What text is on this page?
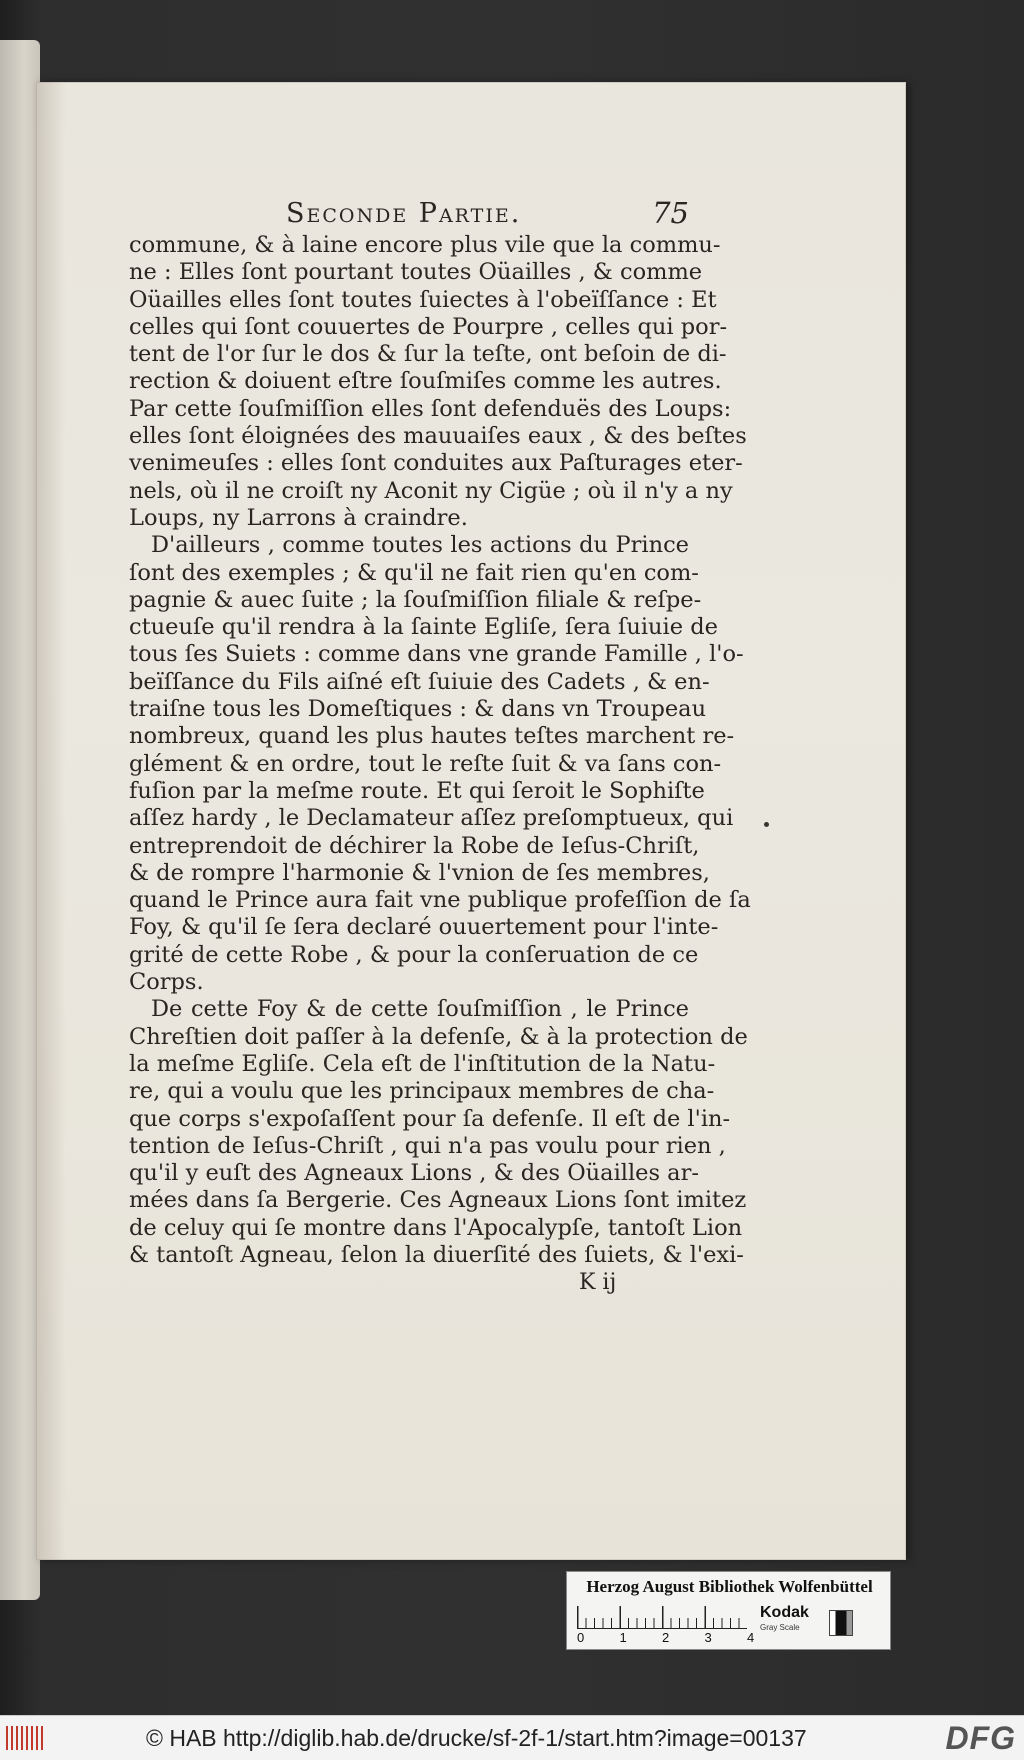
Seconde Partie.	75
commune, & à laine encore plus vile que la commu-
ne : Elles ſont pourtant toutes Oüailles , & comme
Oüailles elles ſont toutes ſuiectes à l'obeïſſance : Et
celles qui ſont couuertes de Pourpre , celles qui por-
tent de l'or ſur le dos & ſur la teſte, ont beſoin de di-
rection & doiuent eſtre ſouſmiſes comme les autres.
Par cette ſouſmiſſion elles ſont defenduës des Loups:
elles ſont éloignées des mauuaiſes eaux , & des beſtes
venimeuſes : elles ſont conduites aux Paſturages eter-
nels, où il ne croiſt ny Aconit ny Cigüe ; où il n'y a ny
Loups, ny Larrons à craindre.
D'ailleurs , comme toutes les actions du Prince
ſont des exemples ; & qu'il ne fait rien qu'en com-
pagnie & auec ſuite ; la ſouſmiſſion filiale & reſpe-
ctueuſe qu'il rendra à la ſainte Egliſe, ſera ſuiuie de
tous ſes Suiets : comme dans vne grande Famille , l'o-
beïſſance du Fils aiſné eſt ſuiuie des Cadets , & en-
traiſne tous les Domeſtiques : & dans vn Troupeau
nombreux, quand les plus hautes teſtes marchent re-
glément & en ordre, tout le reſte ſuit & va ſans con-
fuſion par la meſme route. Et qui ſeroit le Sophiſte
aſſez hardy , le Declamateur aſſez preſomptueux, qui
entreprendoit de déchirer la Robe de Ieſus-Chriſt,
& de rompre l'harmonie & l'vnion de ſes membres,
quand le Prince aura fait vne publique profeſſion de ſa
Foy, & qu'il ſe ſera declaré ouuertement pour l'inte-
grité de cette Robe , & pour la conſeruation de ce
Corps.
De cette Foy & de cette ſouſmiſſion , le Prince
Chreſtien doit paſſer à la defenſe, & à la protection de
la meſme Egliſe. Cela eſt de l'inſtitution de la Natu-
re, qui a voulu que les principaux membres de cha-
que corps s'expoſaſſent pour ſa defenſe. Il eſt de l'in-
tention de Ieſus-Chriſt , qui n'a pas voulu pour rien ,
qu'il y euſt des Agneaux Lions , & des Oüailles ar-
mées dans ſa Bergerie. Ces Agneaux Lions ſont imitez
de celuy qui ſe montre dans l'Apocalypſe, tantoſt Lion
& tantoſt Agneau, ſelon la diuerſité des ſuiets, & l'exi-
K ij
Herzog August Bibliothek Wolfenbüttel
0	1	2	3	4
Kodak
Gray Scale
© HAB http://diglib.hab.de/drucke/sf-2f-1/start.htm?image=00137	DFG
